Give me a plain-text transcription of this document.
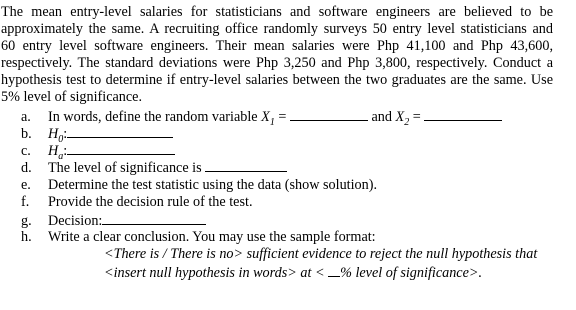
The mean entry-level salaries for statisticians and software engineers are believed to be
approximately the same. A recruiting office randomly surveys 50 entry level statisticians and
60 entry level software engineers. Their mean salaries were Php 41,100 and Php 43,600,
respectively. The standard deviations were Php 3,250 and Php 3,800, respectively. Conduct a
hypothesis test to determine if entry-level salaries between the two graduates are the same. Use
5% level of significance.
a. In words, define the random variable $X_1$ =	and $X_2$ =
b. $H_0$:
c. $H_a$:
d. The level of significance is
e. Determine the test statistic using the data (show solution).
f. Provide the decision rule of the test.
g. Decision:
h. Write a clear conclusion. You may use the sample format:
<There is / There is no> sufficient evidence to reject the null hypothesis that
<insert null hypothesis in words> at < % level of significance>.
